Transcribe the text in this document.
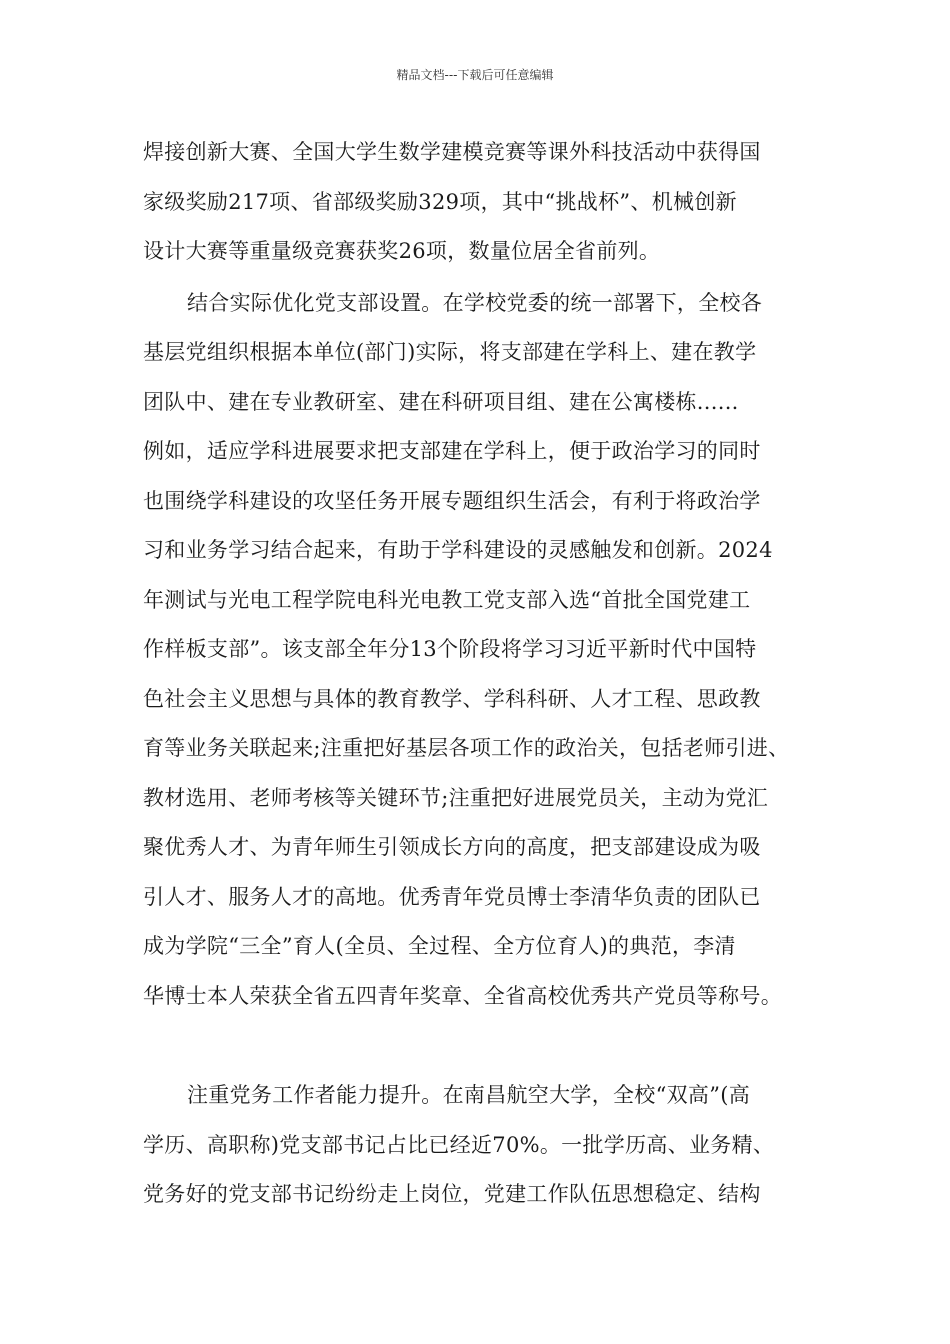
精品文档---下载后可任意编辑

焊接创新大赛、全国大学生数学建模竞赛等课外科技活动中获得国
家级奖励217项、省部级奖励329项，其中“挑战杯”、机械创新
设计大赛等重量级竞赛获奖26项，数量位居全省前列。

结合实际优化党支部设置。在学校党委的统一部署下，全校各
基层党组织根据本单位(部门)实际，将支部建在学科上、建在教学
团队中、建在专业教研室、建在科研项目组、建在公寓楼栋......
例如，适应学科进展要求把支部建在学科上，便于政治学习的同时
也围绕学科建设的攻坚任务开展专题组织生活会，有利于将政治学
习和业务学习结合起来，有助于学科建设的灵感触发和创新。2024
年测试与光电工程学院电科光电教工党支部入选“首批全国党建工
作样板支部”。该支部全年分13个阶段将学习习近平新时代中国特
色社会主义思想与具体的教育教学、学科科研、人才工程、思政教
育等业务关联起来;注重把好基层各项工作的政治关，包括老师引进、
教材选用、老师考核等关键环节;注重把好进展党员关，主动为党汇
聚优秀人才、为青年师生引领成长方向的高度，把支部建设成为吸
引人才、服务人才的高地。优秀青年党员博士李清华负责的团队已
成为学院“三全”育人(全员、全过程、全方位育人)的典范，李清
华博士本人荣获全省五四青年奖章、全省高校优秀共产党员等称号。

注重党务工作者能力提升。在南昌航空大学，全校“双高”(高
学历、高职称)党支部书记占比已经近70%。一批学历高、业务精、
党务好的党支部书记纷纷走上岗位，党建工作队伍思想稳定、结构
